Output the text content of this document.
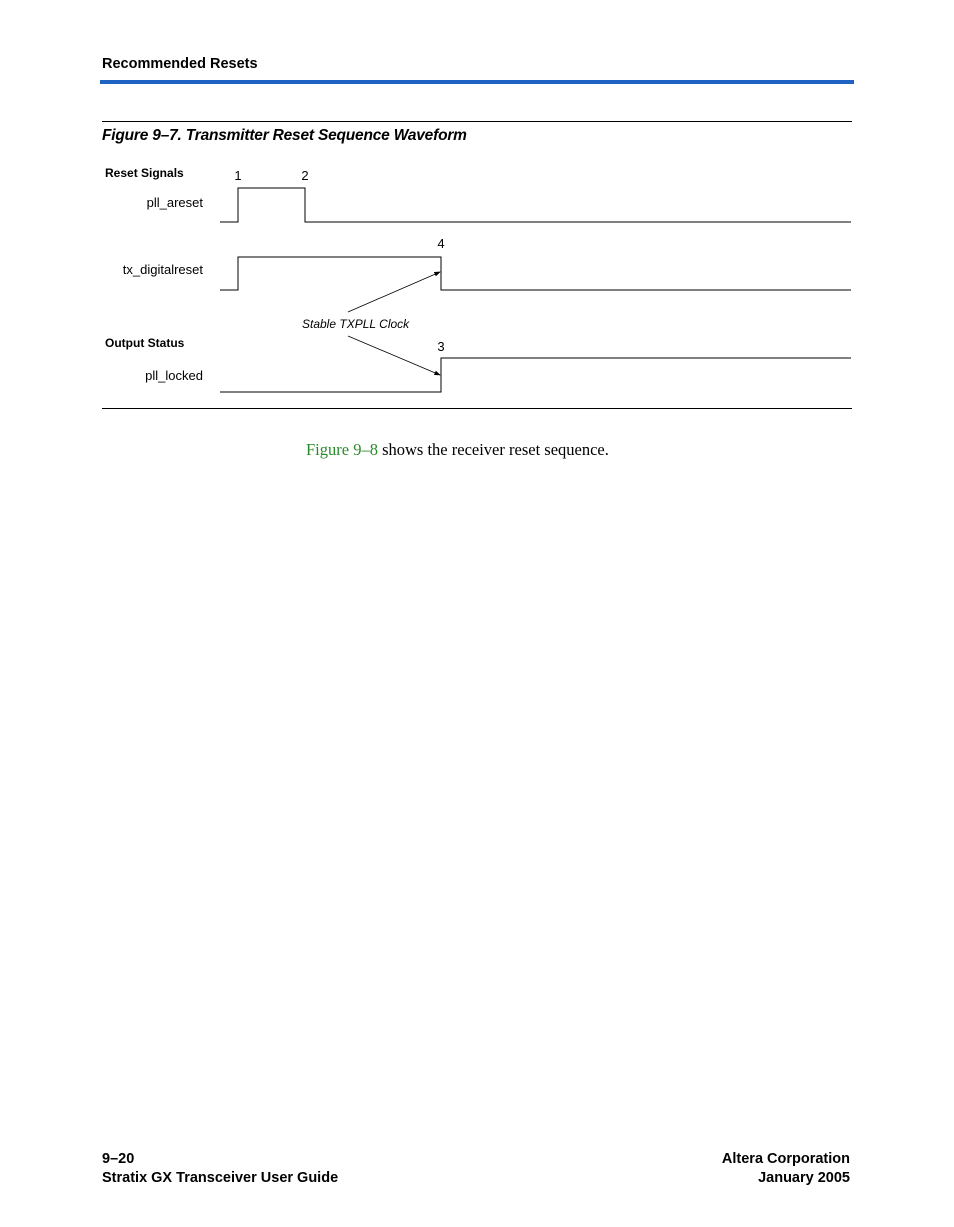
Recommended Resets
Figure 9–7. Transmitter Reset Sequence Waveform
Reset Signals
Output Status
pll_areset
tx_digitalreset
pll_locked
1	2
4
3
Stable TXPLL Clock
Figure 9–8 shows the receiver reset sequence.
9–20
Stratix GX Transceiver User Guide
Altera Corporation
January 2005
